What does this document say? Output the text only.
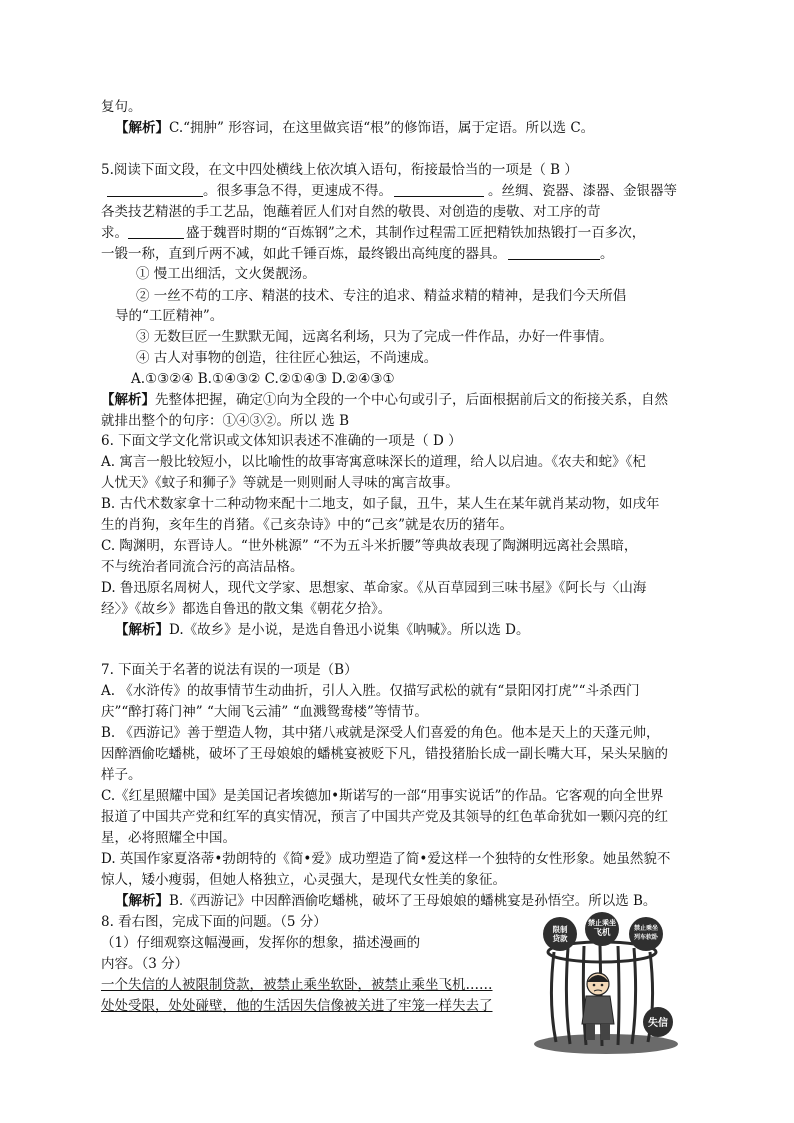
复句。
【解析】C.“拥肿” 形容词，在这里做宾语“根”的修饰语，属于定语。所以选 C。
5.阅读下面文段，在文中四处横线上依次填入语句，衔接最恰当的一项是（ B ）
。很多事急不得，更速成不得。	。丝绸、瓷器、漆器、金银器等
各类技艺精湛的手工艺品，饱蘸着匠人们对自然的敬畏、对创造的虔敬、对工序的苛
求。	盛于魏晋时期的“百炼钢”之术，其制作过程需工匠把精铁加热锻打一百多次，
一锻一称，直到斤两不减，如此千锤百炼，最终锻出高纯度的器具。	。
① 慢工出细活，文火煲靓汤。
② 一丝不苟的工序、精湛的技术、专注的追求、精益求精的精神，是我们今天所倡
导的“工匠精神”。
③ 无数巨匠一生默默无闻，远离名利场，只为了完成一件作品，办好一件事情。
④ 古人对事物的创造，往往匠心独运，不尚速成。
A.①③②④ B.①④③② C.②①④③ D.②④③①
【解析】先整体把握，确定①向为全段的一个中心句或引子，后面根据前后文的衔接关系，自然
就排出整个的句序：①④③②。所以 选 B
6. 下面文学文化常识或文体知识表述不准确的一项是（ D ）
A. 寓言一般比较短小，以比喻性的故事寄寓意味深长的道理，给人以启迪。《农夫和蛇》《杞
人忧天》《蚊子和狮子》等就是一则则耐人寻味的寓言故事。
B. 古代术数家拿十二种动物来配十二地支，如子鼠，丑牛，某人生在某年就肖某动物，如戌年
生的肖狗，亥年生的肖猪。《己亥杂诗》中的“己亥”就是农历的猪年。
C. 陶渊明，东晋诗人。“世外桃源” “不为五斗米折腰”等典故表现了陶渊明远离社会黑暗，
不与统治者同流合污的高洁品格。
D. 鲁迅原名周树人，现代文学家、思想家、革命家。《从百草园到三味书屋》《阿长与〈山海
经〉》《故乡》都选自鲁迅的散文集《朝花夕拾》。
【解析】D.《故乡》是小说，是选自鲁迅小说集《呐喊》。所以选 D。
7. 下面关于名著的说法有误的一项是（B）
A. 《水浒传》的故事情节生动曲折，引人入胜。仅描写武松的就有“景阳冈打虎”“斗杀西门
庆”“醉打蒋门神” “大闹飞云浦” “血溅鸳鸯楼”等情节。
B. 《西游记》善于塑造人物，其中猪八戒就是深受人们喜爱的角色。他本是天上的天蓬元帅，
因醉酒偷吃蟠桃，破坏了王母娘娘的蟠桃宴被贬下凡，错投猪胎长成一副长嘴大耳，呆头呆脑的
样子。
C.《红星照耀中国》是美国记者埃德加•斯诺写的一部“用事实说话”的作品。它客观的向全世界
报道了中国共产党和红军的真实情况，预言了中国共产党及其领导的红色革命犹如一颗闪亮的红
星，必将照耀全中国。
D. 英国作家夏洛蒂•勃朗特的《简•爱》成功塑造了简•爱这样一个独特的女性形象。她虽然貌不
惊人，矮小瘦弱，但她人格独立，心灵强大，是现代女性美的象征。
【解析】B.《西游记》中因醉酒偷吃蟠桃，破坏了王母娘娘的蟠桃宴是孙悟空。所以选 B。
8. 看右图，完成下面的问题。（5 分）
（1）仔细观察这幅漫画，发挥你的想象，描述漫画的
内容。（3 分）
一个失信的人被限制贷款，被禁止乘坐软卧，被禁止乘坐飞机……
处处受限，处处碰壁，他的生活因失信像被关进了牢笼一样失去了
限制
贷款
禁止乘坐
飞机	禁止乘坐
列车软卧
失信
